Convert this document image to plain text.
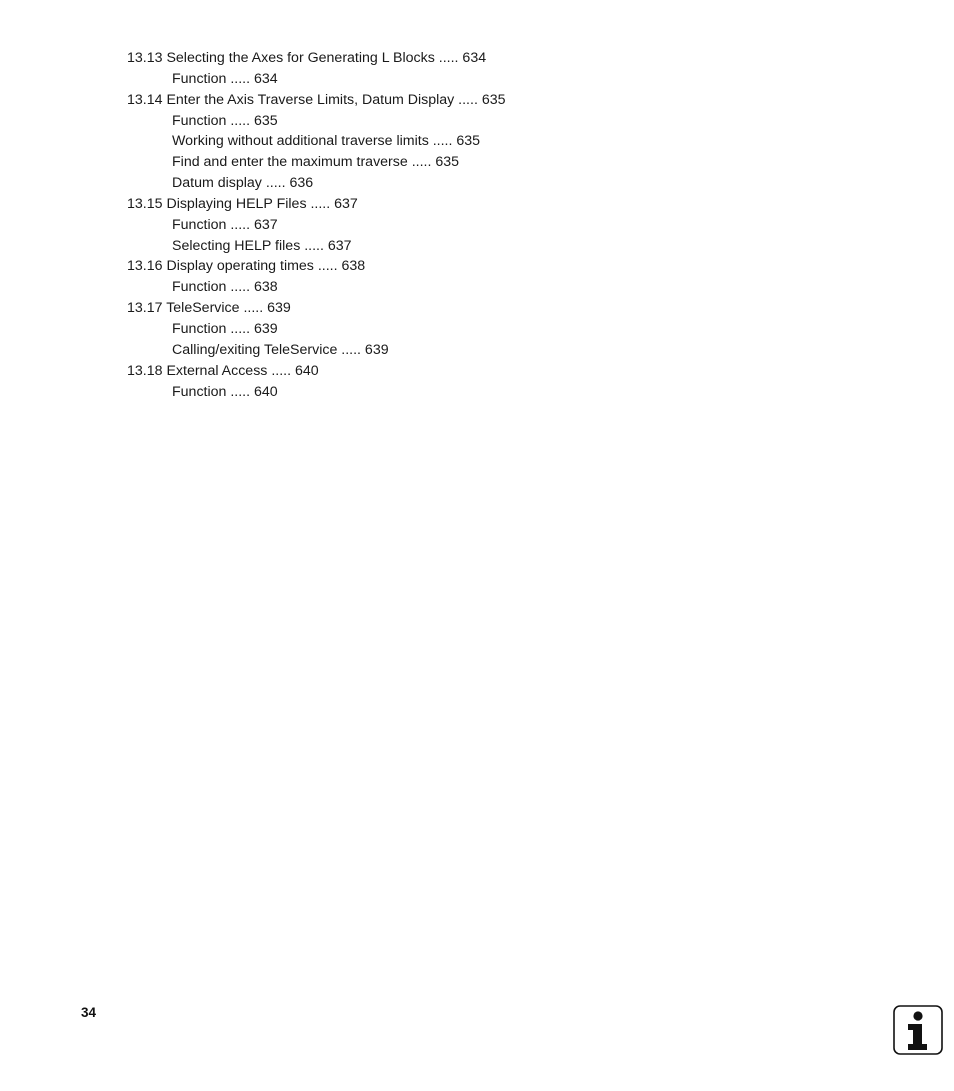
13.13 Selecting the Axes for Generating L Blocks ..... 634
Function ..... 634
13.14 Enter the Axis Traverse Limits, Datum Display ..... 635
Function ..... 635
Working without additional traverse limits ..... 635
Find and enter the maximum traverse ..... 635
Datum display ..... 636
13.15 Displaying HELP Files ..... 637
Function ..... 637
Selecting HELP files ..... 637
13.16 Display operating times ..... 638
Function ..... 638
13.17 TeleService ..... 639
Function ..... 639
Calling/exiting TeleService ..... 639
13.18 External Access ..... 640
Function ..... 640
34
